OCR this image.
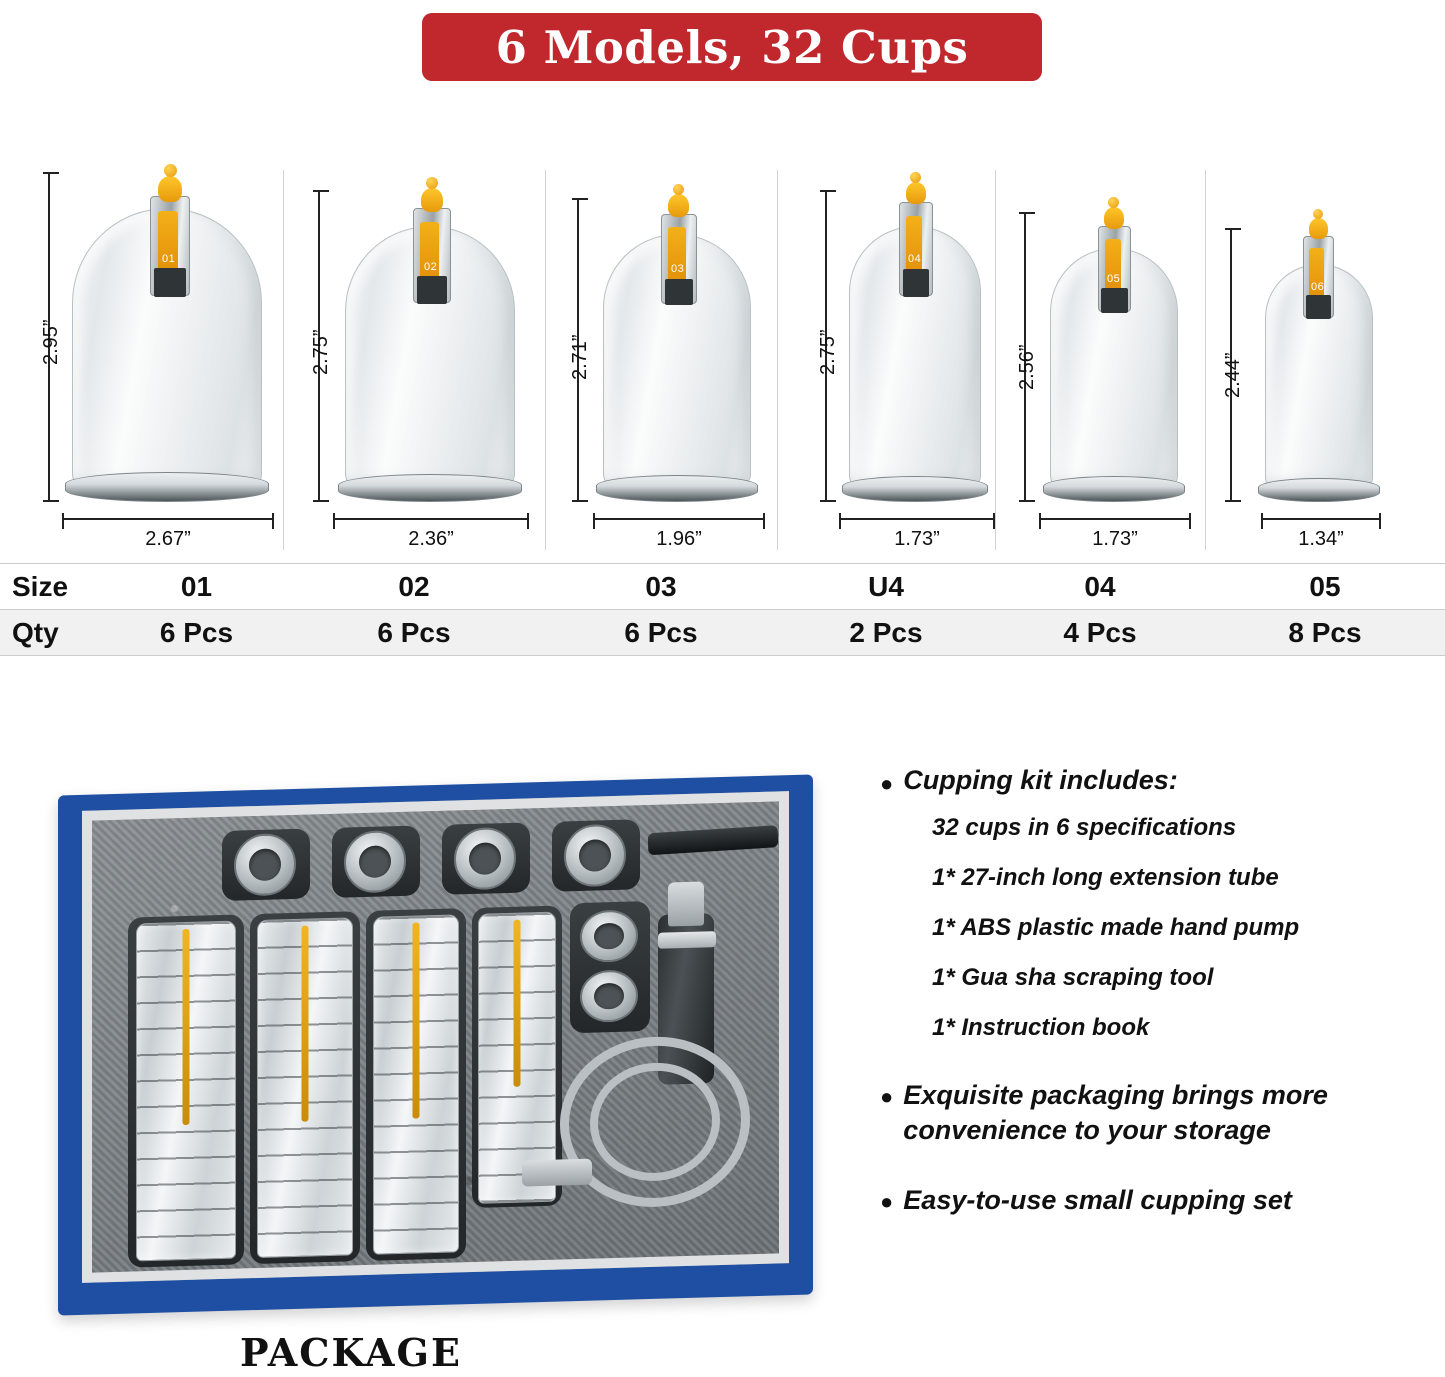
6 Models, 32 Cups
2.95”
01
2.67”
2.75”
02
2.36”
2.71”
03
1.96”
2.75”
04
1.73”
2.56”
05
1.73”
2.44”
06
1.34”
Size	01	02	03	U4	04	05
Qty	6 Pcs	6 Pcs	6 Pcs	2 Pcs	4 Pcs	8 Pcs
PACKAGE
● Cupping kit includes:
32 cups in 6 specifications
1* 27-inch long extension tube
1* ABS plastic made hand pump
1* Gua sha scraping tool
1* Instruction book
● Exquisite packaging brings more convenience to your storage
● Easy-to-use small cupping set
